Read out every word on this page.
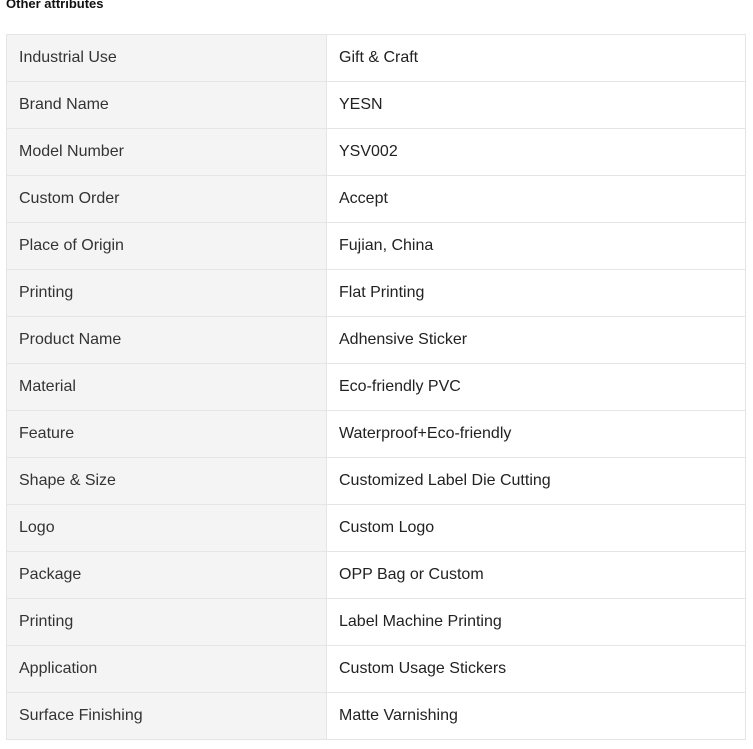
Other attributes
Industrial Use	Gift & Craft
Brand Name	YESN
Model Number	YSV002
Custom Order	Accept
Place of Origin	Fujian, China
Printing	Flat Printing
Product Name	Adhensive Sticker
Material	Eco-friendly PVC
Feature	Waterproof+Eco-friendly
Shape & Size	Customized Label Die Cutting
Logo	Custom Logo
Package	OPP Bag or Custom
Printing	Label Machine Printing
Application	Custom Usage Stickers
Surface Finishing	Matte Varnishing
